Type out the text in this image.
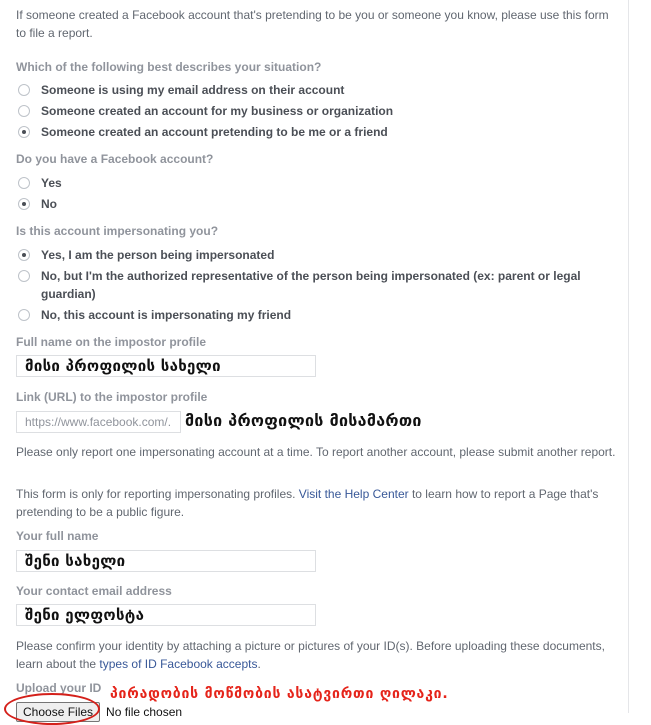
If someone created a Facebook account that's pretending to be you or someone you know, please use this form to file a report.
Which of the following best describes your situation?
Someone is using my email address on their account
Someone created an account for my business or organization
Someone created an account pretending to be me or a friend
Do you have a Facebook account?
Yes
No
Is this account impersonating you?
Yes, I am the person being impersonated
No, but I'm the authorized representative of the person being impersonated (ex: parent or legal guardian)
No, this account is impersonating my friend
Full name on the impostor profile
მისი პროფილის სახელი
Link (URL) to the impostor profile
https://www.facebook.com/...
მისი პროფილის მისამართი
Please only report one impersonating account at a time. To report another account, please submit another report.
This form is only for reporting impersonating profiles. Visit the Help Center to learn how to report a Page that's pretending to be a public figure.
Your full name
შენი სახელი
Your contact email address
შენი ელფოსტა
Please confirm your identity by attaching a picture or pictures of your ID(s). Before uploading these documents, learn about the types of ID Facebook accepts.
Upload your ID პირადობის მოწმობის ასატვირთი ღილაკი.
Choose Files	No file chosen
